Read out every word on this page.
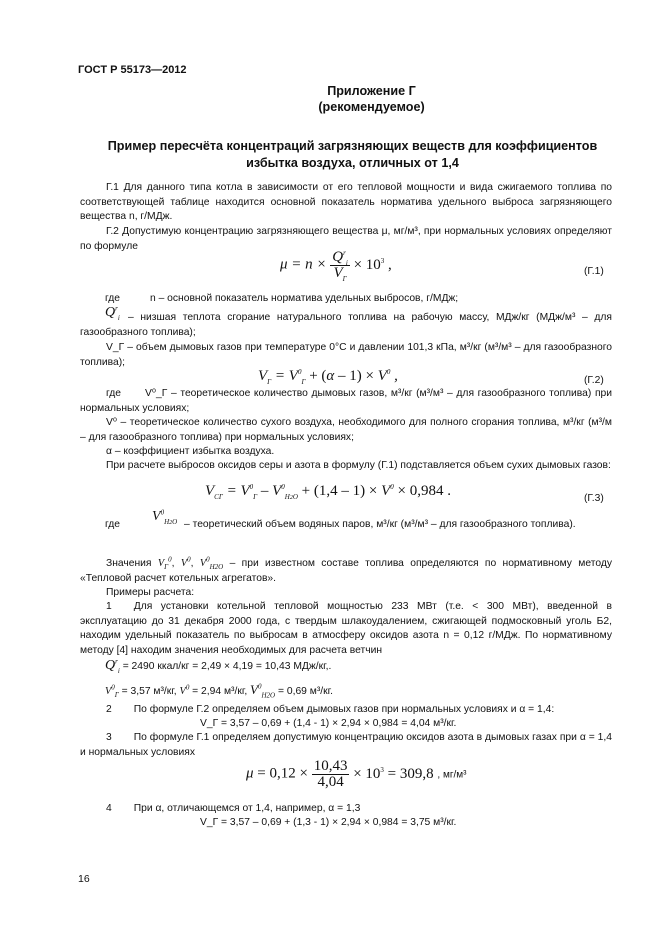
ГОСТ Р 55173—2012
Приложение Г
(рекомендуемое)
Пример пересчёта концентраций загрязняющих веществ для коэффициентов
избытка воздуха, отличных от 1,4
Г.1 Для данного типа котла в зависимости от его тепловой мощности и вида сжигаемого топлива по соответствующей таблице находится основной показатель норматива удельного выброса загрязняющего вещества n, г/МДж.
Г.2 Допустимую концентрацию загрязняющего вещества μ, мг/м³, при нормальных условиях определяют по формуле
$\mu = n \times \frac{Q^r_i}{V_Г} \times 10^3$ ,	(Г.1)
где	n – основной показатель норматива удельных выбросов, г/МДж;
$Q^r_i$ – низшая теплота сгорание натурального топлива на рабочую массу, МДж/кг (МДж/м³ – для газообразного топлива);
V_Г – объем дымовых газов при температуре 0°С и давлении 101,3 кПа, м³/кг (м³/м³ – для газообразного топлива);
$V_Г = V^0_Г + (\alpha - 1) \times V^0$ ,	(Г.2)
где V⁰_Г – теоретическое количество дымовых газов, м³/кг (м³/м³ – для газообразного топлива) при нормальных условиях;
V⁰ – теоретическое количество сухого воздуха, необходимого для полного сгорания топлива, м³/кг (м³/м – для газообразного топлива) при нормальных условиях;
α – коэффициент избытка воздуха.
При расчете выбросов оксидов серы и азота в формулу (Г.1) подставляется объем сухих дымовых газов:
$V_{СГ} = V^0_Г - V^0_{H2O} + (1,4 - 1) \times V^0 \times 0,984$ .	(Г.3)
где
$V^0_{H2O}$ – теоретический объем водяных паров, м³/кг (м³/м³ – для газообразного топлива).
Значения $V_Г^0$, $V^0$, $V^0_{H2O}$ – при известном составе топлива определяются по нормативному методу «Тепловой расчет котельных агрегатов».
Примеры расчета:
1 Для установки котельной тепловой мощностью 233 МВт (т.е. < 300 МВт), введенной в эксплуатацию до 31 декабря 2000 года, с твердым шлакоудалением, сжигающей подмосковный уголь Б2, находим удельный показатель по выбросам в атмосферу оксидов азота n = 0,12 г/МДж. По нормативному методу [4] находим значения необходимых для расчета ветчин
$Q^r_i = 2490$ ккал/кг = 2,49 × 4,19 = 10,43 МДж/кг,.
$V^0_Г = 3,57$ м³/кг, $V^0 = 2,94$ м³/кг, $V^0_{H2O} = 0,69$ м³/кг.
2 По формуле Г.2 определяем объем дымовых газов при нормальных условиях и α = 1,4:
V_Г = 3,57 – 0,69 + (1,4 - 1) × 2,94 × 0,984 = 4,04 м³/кг.
3 По формуле Г.1 определяем допустимую концентрацию оксидов азота в дымовых газах при α = 1,4 и нормальных условиях
$\mu = 0,12 \times \frac{10,43}{4,04} \times 10^3 = 309,8$ , мг/м³
4 При α, отличающемся от 1,4, например, α = 1,3
V_Г = 3,57 – 0,69 + (1,3 - 1) × 2,94 × 0,984 = 3,75 м³/кг.
16
